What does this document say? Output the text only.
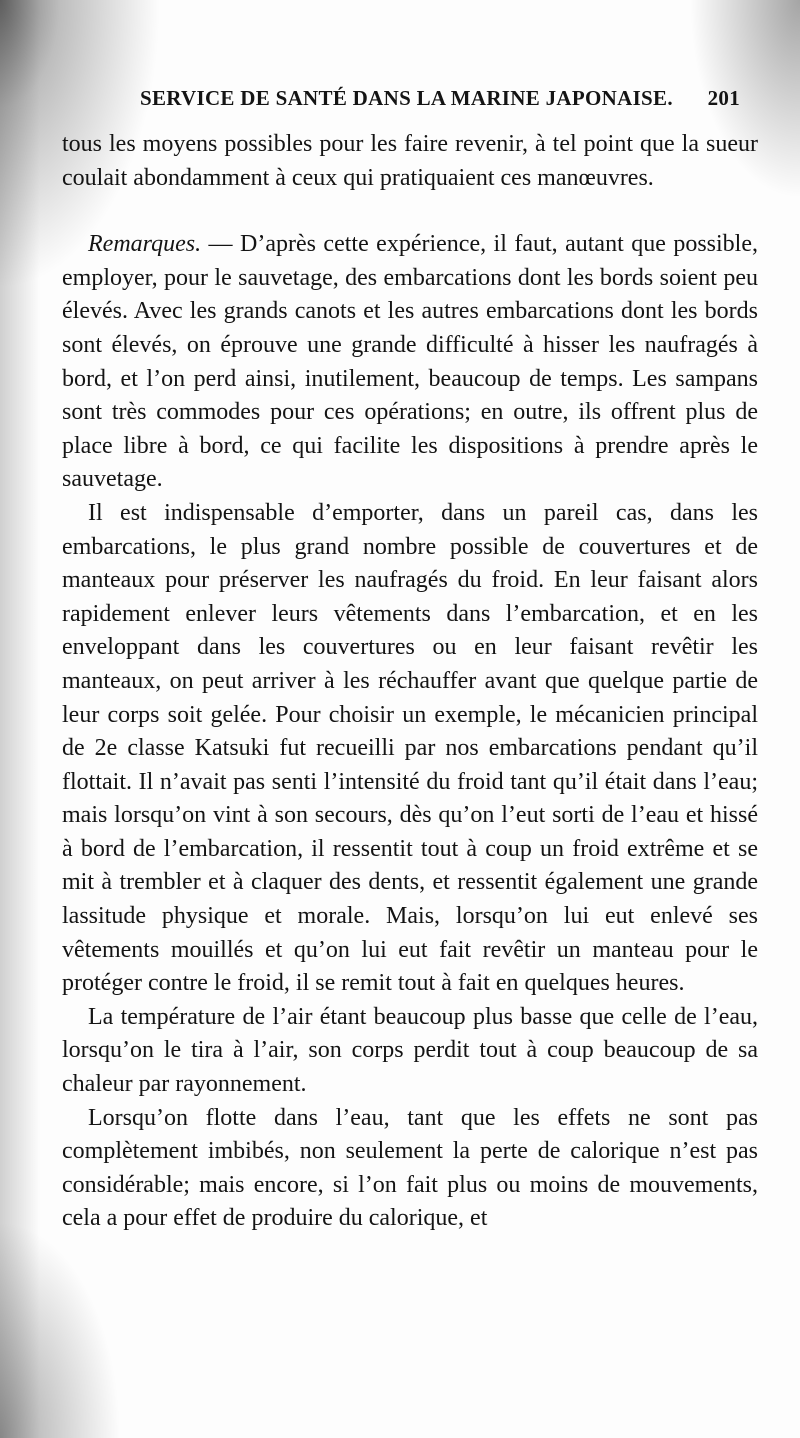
SERVICE DE SANTÉ DANS LA MARINE JAPONAISE. 201

tous les moyens possibles pour les faire revenir, à tel point que la sueur coulait abondamment à ceux qui pratiquaient ces manœuvres.

Remarques. — D’après cette expérience, il faut, autant que possible, employer, pour le sauvetage, des embarcations dont les bords soient peu élevés. Avec les grands canots et les autres embarcations dont les bords sont élevés, on éprouve une grande difficulté à hisser les naufragés à bord, et l’on perd ainsi, inutilement, beaucoup de temps. Les sampans sont très commodes pour ces opérations; en outre, ils offrent plus de place libre à bord, ce qui facilite les dispositions à prendre après le sauvetage.

Il est indispensable d’emporter, dans un pareil cas, dans les embarcations, le plus grand nombre possible de couvertures et de manteaux pour préserver les naufragés du froid. En leur faisant alors rapidement enlever leurs vêtements dans l’embarcation, et en les enveloppant dans les couvertures ou en leur faisant revêtir les manteaux, on peut arriver à les réchauffer avant que quelque partie de leur corps soit gelée. Pour choisir un exemple, le mécanicien principal de 2e classe Katsuki fut recueilli par nos embarcations pendant qu’il flottait. Il n’avait pas senti l’intensité du froid tant qu’il était dans l’eau; mais lorsqu’on vint à son secours, dès qu’on l’eut sorti de l’eau et hissé à bord de l’embarcation, il ressentit tout à coup un froid extrême et se mit à trembler et à claquer des dents, et ressentit également une grande lassitude physique et morale. Mais, lorsqu’on lui eut enlevé ses vêtements mouillés et qu’on lui eut fait revêtir un manteau pour le protéger contre le froid, il se remit tout à fait en quelques heures.

La température de l’air étant beaucoup plus basse que celle de l’eau, lorsqu’on le tira à l’air, son corps perdit tout à coup beaucoup de sa chaleur par rayonnement.

Lorsqu’on flotte dans l’eau, tant que les effets ne sont pas complètement imbibés, non seulement la perte de calorique n’est pas considérable; mais encore, si l’on fait plus ou moins de mouvements, cela a pour effet de produire du calorique, et
